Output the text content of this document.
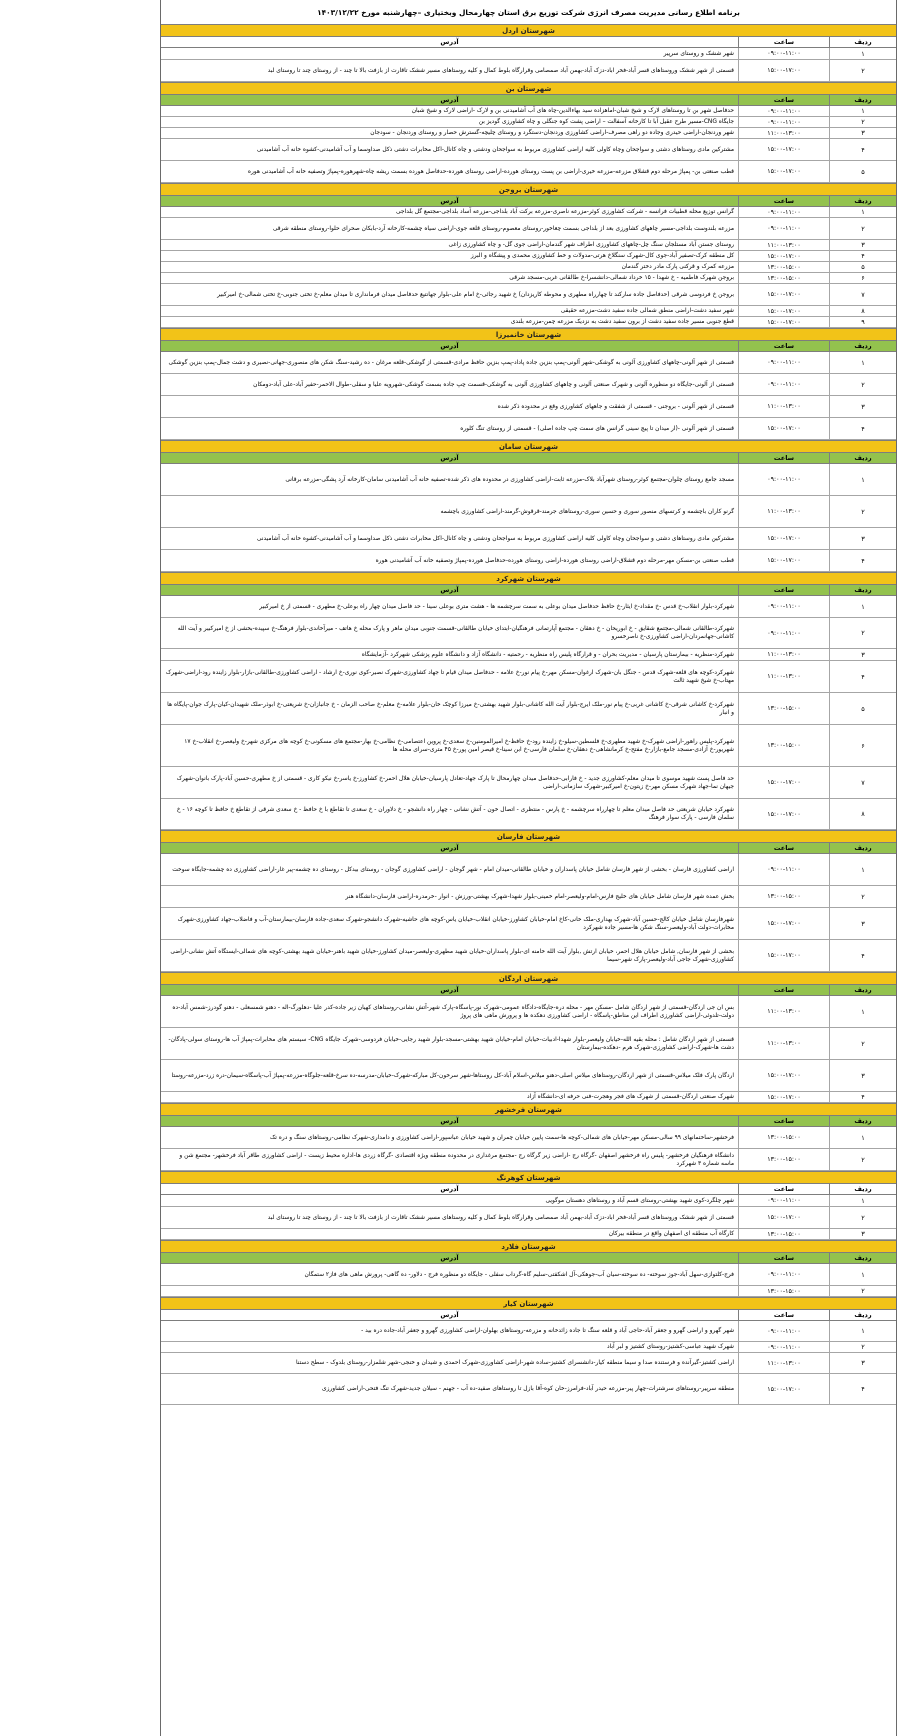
برنامه اطلاع رسانی مدیریت مصرف انرژی شرکت توزیع برق استان چهارمحال وبختیاری –چهارشنبه مورخ ۱۴۰۳/۱۲/۲۲
شهرستان اردل
ردیف
ساعت
آدرس
۱
۰۹:۰۰-۱۱:۰۰
شهر ششک و روستای سرپیر
۲
۱۵:۰۰-۱۷:۰۰
قسمتی از شهر ششک وروستاهای قسر آباد-فخر اباد-دزک آباد-بهمن آباد صمصامی وقرارگاه بلوط کمال و کلیه روستاهای مسیر ششک تاقارت از بازفت بالا تا چند - از روستای چند تا روستای لبد
شهرستان بن
ردیف
ساعت
آدرس
۱
۰۹:۰۰-۱۱:۰۰
حدفاصل شهر بن تا روستاهای لارک و شیخ شبان-اماهزاده سید بهاءالدین-چاه های آب آشامیدنی بن و لارک -اراضی لارک و شیخ شبان
۲
۰۹:۰۰-۱۱:۰۰
جایگاه CNG-مسیر طرح عقیل آبا تا کارخانه آسفالت – اراضی پشت کوه جنگلی و چاه کشاورزی گودیز بن
۳
۱۱:۰۰-۱۳:۰۰
شهر وردنجان-اراضی حیدری وجاده دو راهی مصرف-اراضی کشاورزی وردنجان-دستگرد و روستای چلیچه-گسترش حصار و روستای وردنجان - سودجان
۴
۱۵:۰۰-۱۷:۰۰
مشترکین مادی روستاهای دشتی و سواجحان وچاه کاولی کلیه اراضی کشاورزی مربوط به سواجحان ودشتی و چاه کانال-اکل مخابرات دشتی ذکل صداوسما و آب آشامیدنی-کشوه خانه آب آشامیدنی
۵
۱۵:۰۰-۱۷:۰۰
قطب صنعتی بن- پمپاژ مرحله دوم قشلاق مزرعه-مزرعه خیری-اراضی بن پست روستای هورده-اراضی روستای هورده-حدفاصل هورده بسمت ریشه چاه-شهرهوره-پمپاژ وتصفیه خانه آب آشامیدنی هوره
شهرستان بروجن
ردیف
ساعت
آدرس
۱
۰۹:۰۰-۱۱:۰۰
گرانس توزیع محله قطبیات فرانسه - شرکت کشاورزی کوثر-مزرعه ناصری-مزرعه برکت آباد بلداجی-مزرعه آساد بلداجی-مجتمع گل بلداجی
۲
۰۹:۰۰-۱۱:۰۰
مزرعه بلندوست بلداجی-مسیر چاههای کشاورزی بعد از بلداجی بسمت چغاخور-روستای معصوم-روستای قلعه جوی-اراضی سیاه چشمه-کارخانه آرد-بابکان صحرای حلوا-روستای منطقه شرقی
۳
۱۱:۰۰-۱۳:۰۰
روستای جستن آباد مستلجان سنگ چل-چاههای کشاورزی اطراف شهر گندمان-اراضی جوی گل- و چاه کشاورزی زاغی
۴
۱۵:۰۰-۱۷:۰۰
کل منطقه کرک-تصفیر آباد-جوی کال-شهرک سنگلاخ هرتی-مدولات و خط کشاورزی محمدی و پیشگاه و البرز
۵
۱۳:۰۰-۱۵:۰۰
مزرعه کمرک و قرکنی پارک مادر دختر گندمان
۶
۱۳:۰۰-۱۵:۰۰
بروجن شهرک فاطمیه - خ شهدا - ۱۵ خرداد شمالی-دانشسرا-خ طالقانی غربی-مسجد شرقی
۷
۱۵:۰۰-۱۷:۰۰
بروجن خ فردوسی شرقی (حدفاصل جاده سارکند تا چهارراه مطهری و محوطه کاریزدان) خ شهید رجائی-خ امام علی-بلوار جهانتیغ حدفاصل میدان فرمانداری تا میدان معلم-خ تختی جنوبی-خ تختی شمالی-خ امیرکبیر
۸
۱۵:۰۰-۱۷:۰۰
شهر سفید دشت-اراضی منطق شمالی جاده سفید دشت-مزرعه حقیقی
۹
۱۵:۰۰-۱۷:۰۰
قطع جنوبی مسیر جاده سفید دشت از برون سفید دشت به نزدیک مزرعه چمن-مزرعه بلندی
شهرستان خانمیرزا
ردیف
ساعت
آدرس
۱
۰۹:۰۰-۱۱:۰۰
قسمتی از شهر آلونی-چاههای کشاورزی آلونی به گوشکی-شهر آلونی-پمپ بنزین جاده پاداد-پمپ بنزین حافظ مرادی-قسمتی از گوشکی-قلعه مرغان - ده رشید-سنگ شکن های منصوری-جهانی-نصیری و دشت جمال-پمپ بنزین گوشکی
۲
۰۹:۰۰-۱۱:۰۰
قسمتی از آلونی-جایگاه دو منظوره آلونی و شهرک صنعتی آلونی و چاههای کشاورزی آلونی به گوشکی-قسمت چپ جاده بسمت گوشکی-شهرویه علیا و سفلی-طوال الاحمر-حفیر آباد-علی آباد-دومکان
۳
۱۱:۰۰-۱۳:۰۰
قسمتی از شهر آلونی - بروجنی - قسمتی از شفقت و جاههای کشاورزی وقع در محدوده ذکر شده
۴
۱۵:۰۰-۱۷:۰۰
قسمتی از شهر آلونی -(ار میدان تا پیچ سینی گرانس های سمت چپ جاده اصلی) - قسمتی از روستای تنگ کلوره
شهرستان سامان
ردیف
ساعت
آدرس
۱
۰۹:۰۰-۱۱:۰۰
مسجد جامع روستای چلوان-مجتمع کوثر-روستای شهرآباد بلاک-مزرعه ثابت-اراضی کشاورزی در محدوده های ذکر شده-تصفیه خانه آب آشامیدنی سامان-کارخانه آرد پشگی-مزرعه برقانی
۲
۱۱:۰۰-۱۳:۰۰
گرنو کاران باچشمه و کرتسهای منصور سوری و حسین سوری-روستاهای جرمند-قرقوش-گرمند-اراضی کشاورزی باچشمه
۳
۱۵:۰۰-۱۷:۰۰
مشترکین مادی روستاهای دشتی و سواجحان وچاه کاولی کلیه اراضی کشاورزی مربوط به سواجحان ودشتی و چاه کانال-اکل مخابرات دشتی ذکل صداوسما و آب آشامیدنی-کشوه خانه آب آشامیدنی
۴
۱۵:۰۰-۱۷:۰۰
قطب صنعتی بن-مسکن مهر-مرحله دوم قشلاق-اراضی روستای هورده-اراضی روستای هورده-حدفاصل هورده-پمپاژ وتصفیه خانه آب آشامیدنی هوره
شهرستان شهرکرد
ردیف
ساعت
آدرس
۱
۰۹:۰۰-۱۱:۰۰
شهرکرد-بلوار انقلاب-خ قدس -خ مقداد-خ ایثار-خ حافظ حدفاصل میدان بوعلی به سمت سرچشمه ها - هشت متری بوعلی سینا - حد فاصل میدان چهار راه بوعلی-خ مطهری - قسمتی از خ امیرکبیر
۲
۰۹:۰۰-۱۱:۰۰
شهرکرد-طالقانی شمالی-مجتمع شقایق - خ ابوریحان - خ دهقان - مجتمع آپارتمانی فرهنگیان-ابتدای خیابان طالقانی-قسمت جنوبی میدان ماهر و پارک محله خ هاتف - میرآخاندی-بلوار فرهنگ-خ سپیده-بخشی از خ امیرکبیر و آیت الله کاشانی-جهانمردان-اراضی کشاورزی-خ ناصرخسرو
۳
۱۱:۰۰-۱۳:۰۰
شهرکرد-منظریه - بیمارستان پارسیان - مدیریت بحران - و قرارگاه پلیس راه منظریه - رحمتیه - دانشگاه آزاد و دانشگاه علوم پزشکی شهرکرد -آزمایشگاه
۴
۱۱:۰۰-۱۳:۰۰
شهرکرد-کوچه های قلعه-شهرک قدس - جنگل بان-شهرک ارغوان-مسکن مهر-خ پیام نور-خ علامه - حدفاصل میدان قیام تا جهاد کشاورزی-شهرک نصیر-کوی نوری-خ ارشاد - اراضی کشاورزی-طالقانی-بازار-بلوار زاینده رود-اراضی-شهرک مهتاب-خ شیخ شهید ثالث
۵
۱۳:۰۰-۱۵:۰۰
شهرکرد-خ کاشانی شرقی-خ کاشانی غربی-خ پیام نور-ملک ایرج-بلوار آیت الله کاشانی-بلوار شهید بهشتی-خ میرزا کوچک خان-بلوار علامه-خ معلم-خ صاحب الزمان - خ جانبازان-خ شریعتی-خ ابوذر-ملک شهیدان-کیان-پارک جوان-پایگاه ها و انبار
۶
۱۳:۰۰-۱۵:۰۰
شهرکرد-پلیس راهور-اراضی شهرک-خ شهید مطهری-خ فلسطین-سیلو-خ زاینده رود-خ حافظ-خ امیرالمومنین-خ سعدی-خ پروین اعتصامی-خ نظامی-خ بهار-مجتمع های مسکونی-خ کوچه های مرکزی شهر-خ ولیعصر-خ انقلاب-خ ۱۷ شهریور-خ آزادی-مسجد جامع-بازار-خ مفتح-خ کرمانشاهی-خ دهقان-خ سلمان فارسی-خ ابن سینا-خ قیصر امین پور-خ ۴۵ متری-سرای محله ها
۷
۱۵:۰۰-۱۷:۰۰
حد فاصل پست شهید موسوی تا میدان معلم-کشاورزی جدید - خ فارابی-حدفاصل میدان چهارمحال تا پارک جهاد-تعادل پارسیان-خیابان هلال احمر-خ کشاورز-خ یاسر-خ نیکو کاری - قسمتی از خ مطهری-حسین آباد-پارک بانوان-شهرک جیهان نما-جهاد شهرک مسکن مهر-خ زیتون-خ امیرکبیر-شهرک سازمانی-اراضی
۸
۱۵:۰۰-۱۷:۰۰
شهرکرد خیابان شریعتی حد فاصل میدان معلم تا چهارراه سرچشمه - خ پارس - منتظری - اتصال خون - آتش نشانی - چهار راه دانشجو - خ دلاوران - خ سعدی تا تقاطع با خ حافظ - خ سعدی شرقی از تقاطع خ حافظ تا کوچه ۱۶ - خ سلمان فارسی - پارک سوار فرهنگ
شهرستان فارسان
ردیف
ساعت
آدرس
۱
۰۹:۰۰-۱۱:۰۰
اراضی کشاورزی فارسان - بخشی از شهر فارسان شامل خیابان پاسداران و خیابان طالقانی-میدان امام - شهر گوجان - اراضی کشاورزی گوجان - روستای بیدکل - روستای ده چشمه-پیر غار-اراضی کشاورزی ده چشمه-جایگاه سوخت
۲
۱۳:۰۰-۱۵:۰۰
بخش عمده شهر فارسان شامل خیابان های خلیج فارس-امام-ولیعصر-امام خمینی-بلوار شهدا-شهرک بهشتی-ورزش - انوار -خرمدره-اراضی فارسان-دانشگاه هنر
۳
۱۵:۰۰-۱۷:۰۰
شهرفارسان شامل خیابان کالج-حسین آباد-شهرک بهداری-ملک خانی-کاخ امام-خیابان کشاورز-خیابان انقلاب-خیابان یاس-کوچه های حاشیه-شهرک دانشجو-شهرک سعدی-جاده فارسان-بیمارستان-آب و فاضلاب-جهاد کشاورزی-شهرک مخابرات-دولت آباد-ولیعصر-سنگ شکن ها-مسیر جاده شهرکرد
۴
۱۵:۰۰-۱۷:۰۰
بخشی از شهر فارسان, شامل خیابان هلال احمر، خیابان ارتش ,بلوار آیت الله خامنه ای-بلوار پاسداران-خیابان شهید مطهری-ولیعصر-میدان کشاورز-خیابان شهید باهنر-خیابان شهید بهشتی-کوچه های شمالی-ایستگاه آتش نشانی-اراضی کشاورزی-شهرک جاجی آباد-ولیعصر-پارک شهر-سیما
شهرستان اردگان
ردیف
ساعت
آدرس
۱
۱۱:۰۰-۱۳:۰۰
بس ان جی اردگان-قسمتی از شهر اردگان شامل -مسکن مهر - محله دره-جایگاه-دادگاه عمومی-شهرک نور-پاسگاه-پارک شهر-آتش نشانی-روستاهای کهیان زیر جاده-کدر علیا -دهلورگ-اله - دهنو شمسعلی - دهنو گودرز-شمس آباد-ده دولت-تلدوئی-اراضی کشاورزی اطراف این مناطق-پاسگاه - اراضی کشاورزی دهکده ها و پرورش ماهی های پروژ
۲
۱۱:۰۰-۱۳:۰۰
قسمتی از شهر اردگان شامل : محله بقیه الله-خیابان ولیعصر-بلوار شهدا-ادبیات-خیابان امام-خیابان شهید بهشتی-مسجد-بلوار شهید رجایی-خیابان فردوسی-شهرک جایگاه CNG- سیستم های مخابرات-پمپاژ آب ها-روستای سولی-پادگان-دشت ها-شهرک-اراضی کشاورزی-شهرک هرم -دهکده-بیمارستان
۳
۱۵:۰۰-۱۷:۰۰
اردگان پارک فلک میلاس-قسمتی از شهر اردگان-روستاهای میلاس اصلی-دهنو میلاس-اسلام آباد-کل روستاها-شهر سرخون-کل مبارکه-شهرک-خیابان-مدرسه-ده سرخ-قلعه-جلوگاه-مزرعه-پمپاژ آب-پاسگاه-سیمان-دره زرد-مزرعه-روستا
۴
۱۵:۰۰-۱۷:۰۰
شهرک صنعتی اردگان-قسمتی از شهرک های فجر وهجرت-فنی حرفه ای-دانشگاه آزاد
شهرستان فرخشهر
ردیف
ساعت
آدرس
۱
۱۳:۰۰-۱۵:۰۰
فرخشهر-ساختمانهای ۹۹ سالی-مسکن مهر-خیابان های شمالی-کوچه ها-سمت پایین خیابان چمران و شهید خیابان عباسپور-اراضی کشاورزی و دامداری-شهرک نظامی-روستاهای سنگ و دره تک
۲
۱۳:۰۰-۱۵:۰۰
دانشگاه فرهنگیان فرخشهر- پلیس راه فرخشهر اصفهان -گرگاه رج -اراضی زیر گرگاه رج -مجتمع مرغداری در محدوده منطقه ویژه اقتصادی -گرگاه زردی ها-اداره محیط زیست - اراضی کشاورزی طاقر آباد فرخشهر- مجتمع شن و ماسه شماره ۳ شهرکرد
شهرستان کوهرنگ
ردیف
ساعت
آدرس
۱
۰۹:۰۰-۱۱:۰۰
شهر چلگرد-کوی شهید بهشتی-روستای قسم آباد و روستاهای دهستان موگویی
۲
۱۵:۰۰-۱۷:۰۰
قسمتی از شهر ششک وروستاهای قسر آباد-فخر اباد-دزک آباد-بهمن آباد صمصامی وقرارگاه بلوط کمال و کلیه روستاهای مسیر ششک تاقارت از بازفت بالا تا چند - از روستای چند تا روستای لبد
۳
۱۳:۰۰-۱۵:۰۰
کارگاه آب منطقه ای اصفهان واقع در منطقه بیرکان
شهرستان فلارد
ردیف
ساعت
آدرس
۱
۰۹:۰۰-۱۱:۰۰
فرج-کلتوازی-سهل آباد-جوز سوخته- ده سوخته-سیان آب-جوهکی-آل اشکفتی-سلیم گاه-گرداب سفلی - جایگاه دو منظوره فرج - دلاور- ده گاهی- پرورش ماهی های فاز۲ ستمگان
۲
۱۳:۰۰-۱۵:۰۰
شهرستان کیار
ردیف
ساعت
آدرس
۱
۰۹:۰۰-۱۱:۰۰
شهر گهرو و اراضی گهرو و جعفر آباد-حاجی آباد و قلعه سنگ تا جاده زائدخانه و مزرعه-روستاهای بهلوان-اراضی کشاورزی گهرو و جعفر آباد-جاده دره بید -
۲
۰۹:۰۰-۱۱:۰۰
شهرک شهید عباسی-کشتیز-روستای کشتیز و لبر آباد
۳
۱۱:۰۰-۱۳:۰۰
اراضی کشتیز-گیرآنده و فرستنده صدا و سیما منطقه کیار-دانشسرای کشتیز-ساده شهر-اراضی کشاورزی-شهرک احمدی و شیدان و خنجی-شهر شلمزار-روستای بلدوک - سطح دستنا
۴
۱۵:۰۰-۱۷:۰۰
منطقه سرپیر-روستاهای سرشترات-چهار پیر-مزرعه حیدر آباد-فرامرز-خان کوه-آقا بازل تا روستاهای صفید-ده آب - جهنم - سیلان جدید-شهرک تنگ فتحی-اراضی کشاورزی
